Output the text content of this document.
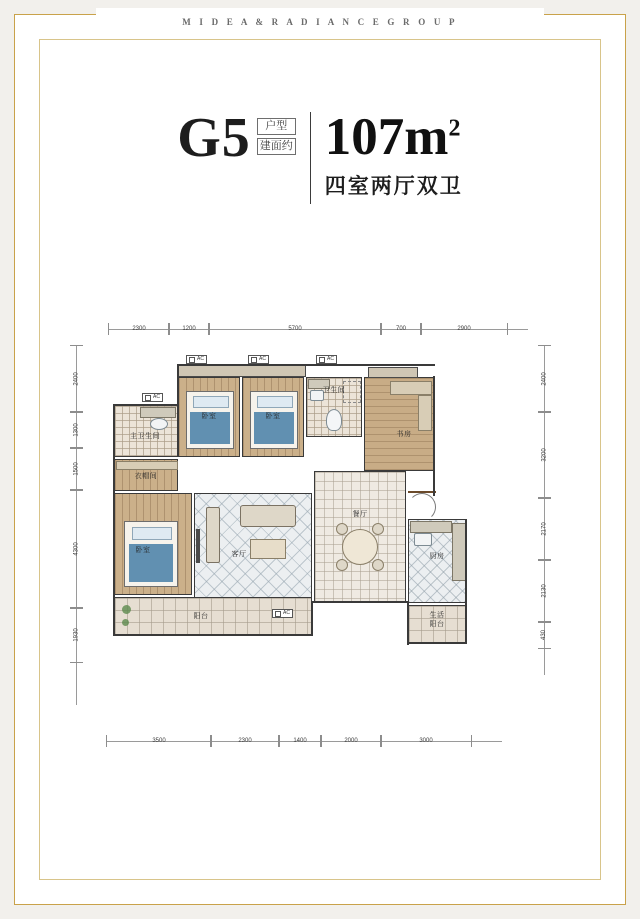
M I D E A & R A D I A N C E G R O U P
G5	户型
建面约 $107m^2$
四室两厅双卫
2300	1200	5700	700	2900
3500	2300	1400	2000	3000
2400
1300
1500
4300
1930
2400
3200
2170
2130
430
卧室	卧室
AC	AC
卫生间
AC
书房
主卫生间
AC
衣帽间
卧室
客厅
餐厅
厨房
生活
阳台
阳台	AC
